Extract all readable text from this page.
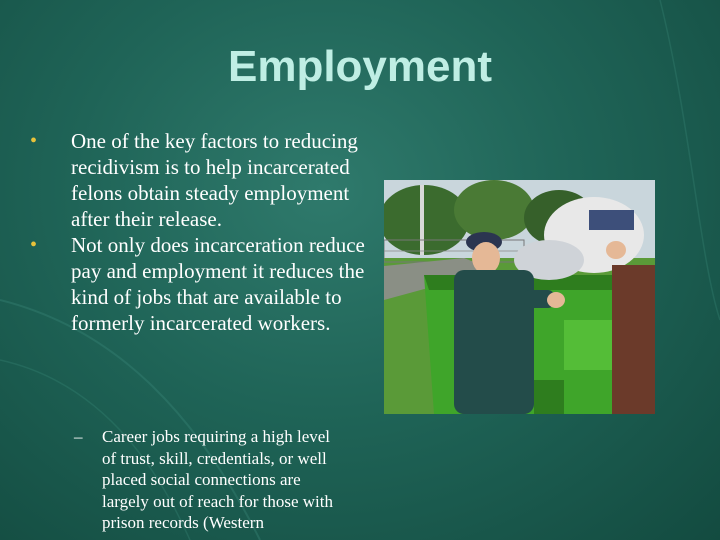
Employment
• One of the key factors to reducing recidivism is to help incarcerated felons obtain steady employment after their release.
• Not only does incarceration reduce pay and employment it reduces the kind of jobs that are available to formerly incarcerated workers.
– Career jobs requiring a high level of trust, skill, credentials, or well placed social connections are largely out of reach for those with prison records (Western
